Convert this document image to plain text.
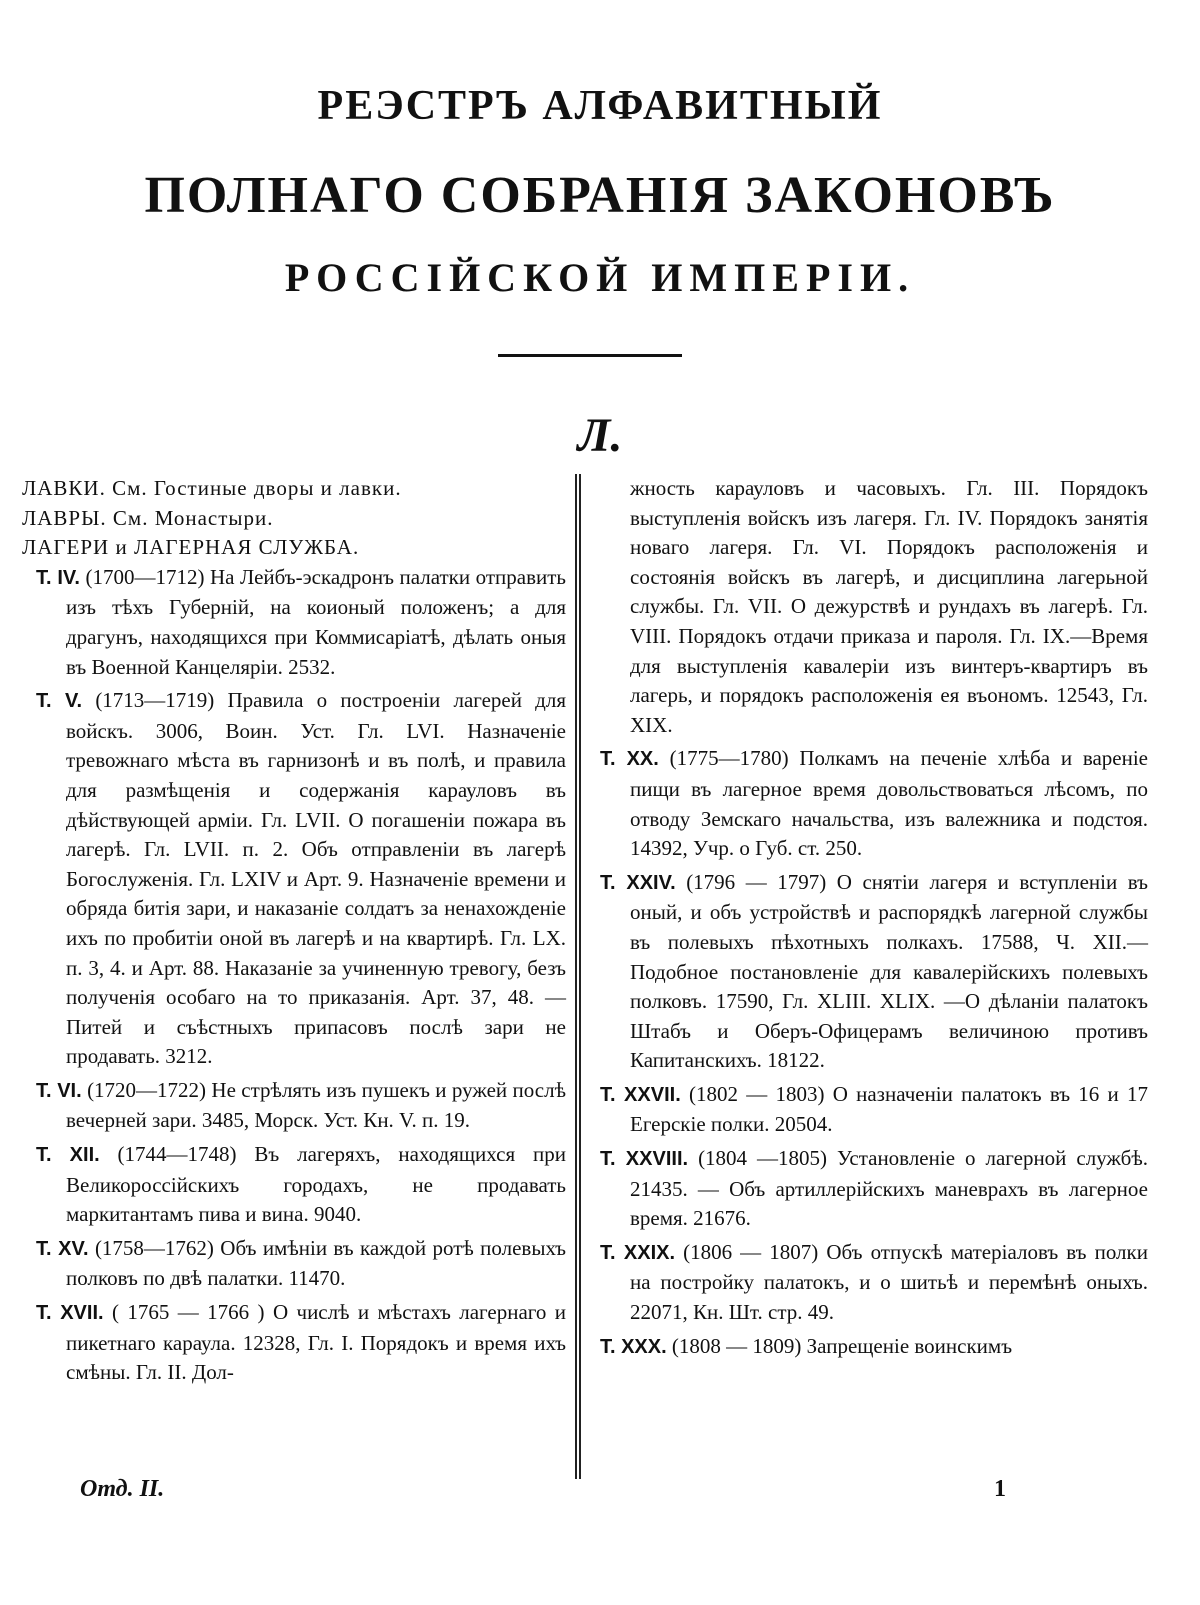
РЕЭСТРЪ АЛФАВИТНЫЙ
ПОЛНАГО СОБРАНІЯ ЗАКОНОВЪ
РОССІЙСКОЙ ИМПЕРІИ.
Л.
ЛАВКИ. См. Гостиные дворы и лавки.
ЛАВРЫ. См. Монастыри.
ЛАГЕРИ и ЛАГЕРНАЯ СЛУЖБА.
Т. IV. (1700—1712) На Лейбъ-эскадронъ палатки отправить изъ тѣхъ Губерній, на коионый положенъ; а для драгунъ, находящихся при Коммисаріатѣ, дѣлать оныя въ Военной Канцеляріи. 2532.
Т. V. (1713—1719) Правила о построеніи лагерей для войскъ. 3006, Воин. Уст. Гл. LVI. Назначеніе тревожнаго мѣста въ гарнизонѣ и въ полѣ, и правила для размѣщенія и содержанія карауловъ въ дѣйствующей арміи. Гл. LVII. О погашеніи пожара въ лагерѣ. Гл. LVII. п. 2. Объ отправленіи въ лагерѣ Богослуженія. Гл. LXIV и Арт. 9. Назначеніе времени и обряда битія зари, и наказаніе солдатъ за ненахожденіе ихъ по пробитіи оной въ лагерѣ и на квартирѣ. Гл. LX. п. 3, 4. и Арт. 88. Наказаніе за учиненную тревогу, безъ полученія особаго на то приказанія. Арт. 37, 48. — Питей и съѣстныхъ припасовъ послѣ зари не продавать. 3212.
Т. VI. (1720—1722) Не стрѣлять изъ пушекъ и ружей послѣ вечерней зари. 3485, Морск. Уст. Кн. V. п. 19.
Т. XII. (1744—1748) Въ лагеряхъ, находящихся при Великороссійскихъ городахъ, не продавать маркитантамъ пива и вина. 9040.
Т. XV. (1758—1762) Объ имѣніи въ каждой ротѣ полевыхъ полковъ по двѣ палатки. 11470.
Т. XVII. ( 1765 — 1766 ) О числѣ и мѣстахъ лагернаго и пикетнаго караула. 12328, Гл. I. Порядокъ и время ихъ смѣны. Гл. II. Дол-
жность карауловъ и часовыхъ. Гл. III. Порядокъ выступленія войскъ изъ лагеря. Гл. IV. Порядокъ занятія новаго лагеря. Гл. VI. Порядокъ расположенія и состоянія войскъ въ лагерѣ, и дисциплина лагерьной службы. Гл. VII. О дежурствѣ и рундахъ въ лагерѣ. Гл. VIII. Порядокъ отдачи приказа и пароля. Гл. IX.—Время для выступленія кавалеріи изъ винтеръ-квартиръ въ лагерь, и порядокъ расположенія ея въономъ. 12543, Гл. XIX.
Т. XX. (1775—1780) Полкамъ на печеніе хлѣба и вареніе пищи въ лагерное время довольствоваться лѣсомъ, по отводу Земскаго начальства, изъ валежника и подстоя. 14392, Учр. о Губ. ст. 250.
Т. XXIV. (1796 — 1797) О снятіи лагеря и вступленіи въ оный, и объ устройствѣ и распорядкѣ лагерной службы въ полевыхъ пѣхотныхъ полкахъ. 17588, Ч. XII.—Подобное постановленіе для кавалерійскихъ полевыхъ полковъ. 17590, Гл. XLIII. XLIX. —О дѣланіи палатокъ Штабъ и Оберъ-Офицерамъ величиною противъ Капитанскихъ. 18122.
Т. XXVII. (1802 — 1803) О назначеніи палатокъ въ 16 и 17 Егерскіе полки. 20504.
Т. XXVIII. (1804 —1805) Установленіе о лагерной службѣ. 21435. — Объ артиллерійскихъ маневрахъ въ лагерное время. 21676.
Т. XXIX. (1806 — 1807) Объ отпускѣ матеріаловъ въ полки на постройку палатокъ, и о шитьѣ и перемѣнѣ оныхъ. 22071, Кн. Шт. стр. 49.
Т. XXX. (1808 — 1809) Запрещеніе воинскимъ
Отд. II.	1
